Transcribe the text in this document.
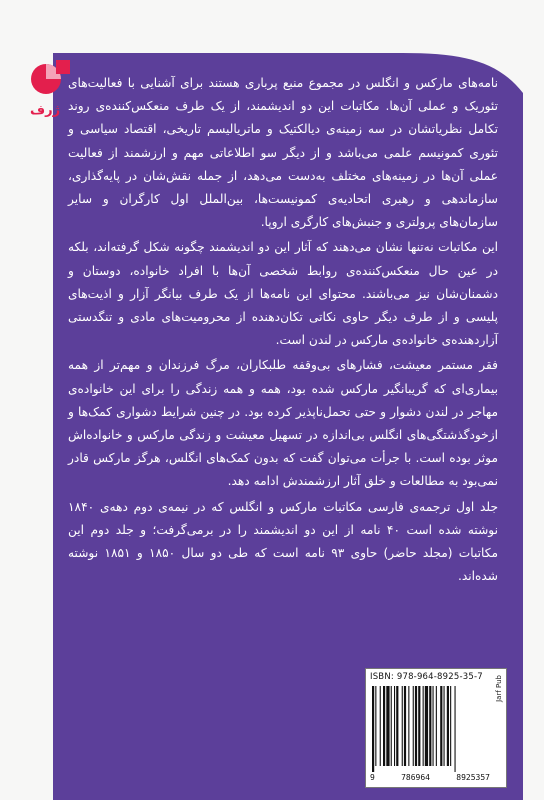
ژرف

نامه‌های مارکس و انگلس در مجموع منبع پرباری هستند برای آشنایی با فعالیت‌های تئوریک و عملی آن‌ها. مکاتبات این دو اندیشمند، از یک طرف منعکس‌کننده‌ی روند تکامل نظریاتشان در سه زمینه‌ی دیالکتیک و ماتریالیسم تاریخی، اقتصاد سیاسی و تئوری کمونیسم علمی می‌باشد و از دیگر سو اطلاعاتی مهم و ارزشمند از فعالیت عملی آن‌ها در زمینه‌های مختلف به‌دست می‌دهد، از جمله نقش‌شان در پایه‌گذاری، سازماندهی و رهبری اتحادیه‌ی کمونیست‌ها، بین‌الملل اول کارگران و سایر سازمان‌های پرولتری و جنبش‌های کارگری اروپا.

این مکاتبات نه‌تنها نشان می‌دهند که آثار این دو اندیشمند چگونه شکل گرفته‌اند، بلکه در عین حال منعکس‌کننده‌ی روابط شخصی آن‌ها با افراد خانواده، دوستان و دشمنان‌شان نیز می‌باشند. محتوای این نامه‌ها از یک طرف بیانگر آزار و اذیت‌های پلیسی و از طرف دیگر حاوی نکاتی تکان‌دهنده از محرومیت‌های مادی و تنگدستی آزاردهنده‌ی خانواده‌ی مارکس در لندن است.

فقر مستمر معیشت، فشارهای بی‌وقفه طلبکاران، مرگ فرزندان و مهم‌تر از همه بیماری‌ای که گریبانگیر مارکس شده بود، همه و همه زندگی را برای این خانواده‌ی مهاجر در لندن دشوار و حتی تحمل‌ناپذیر کرده بود. در چنین شرایط دشواری کمک‌ها و از‌خودگذشتگی‌های انگلس بی‌اندازه در تسهیل معیشت و زندگی مارکس و خانواده‌اش موثر بوده است. با جرأت می‌توان گفت که بدون کمک‌های انگلس، هرگز مارکس قادر نمی‌بود به مطالعات و خلق آثار ارزشمندش ادامه دهد.

جلد اول ترجمه‌ی فارسی مکاتبات مارکس و انگلس که در نیمه‌ی دوم دهه‌ی ۱۸۴۰ نوشته شده است ۴۰ نامه از این دو اندیشمند را در برمی‌گرفت؛ و جلد دوم این مکاتبات (مجلد حاضر) حاوی ۹۳ نامه است که طی دو سال ۱۸۵۰ و ۱۸۵۱ نوشته شده‌اند.

ISBN: 978-964-8925-35-7
9	786964	8925357
Jarf Pub
